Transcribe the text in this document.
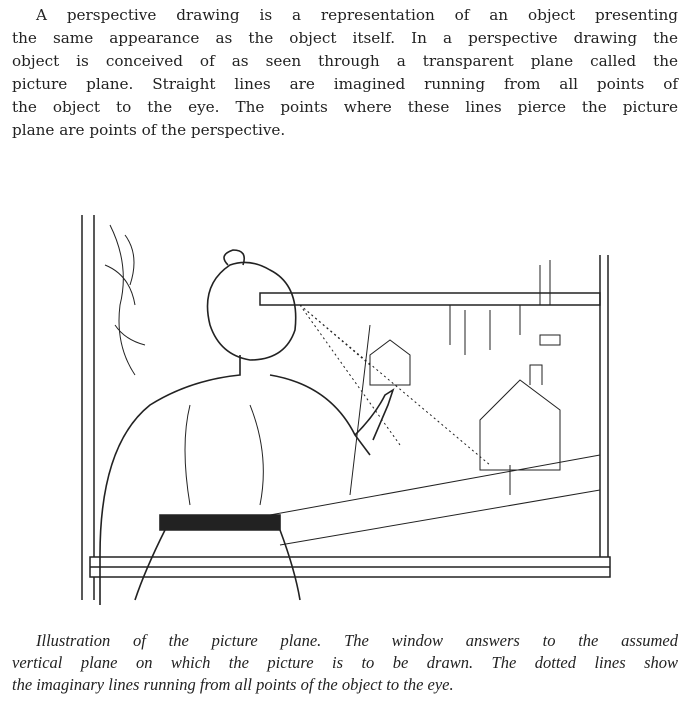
A perspective drawing is a representation of an object presenting
the same appearance as the object itself. In a perspective drawing the
object is conceived of as seen through a transparent plane called the
picture plane. Straight lines are imagined running from all points of
the object to the eye. The points where these lines pierce the picture
plane are points of the perspective.
Illustration of the picture plane. The window answers to the assumed
vertical plane on which the picture is to be drawn. The dotted lines show
the imaginary lines running from all points of the object to the eye.
